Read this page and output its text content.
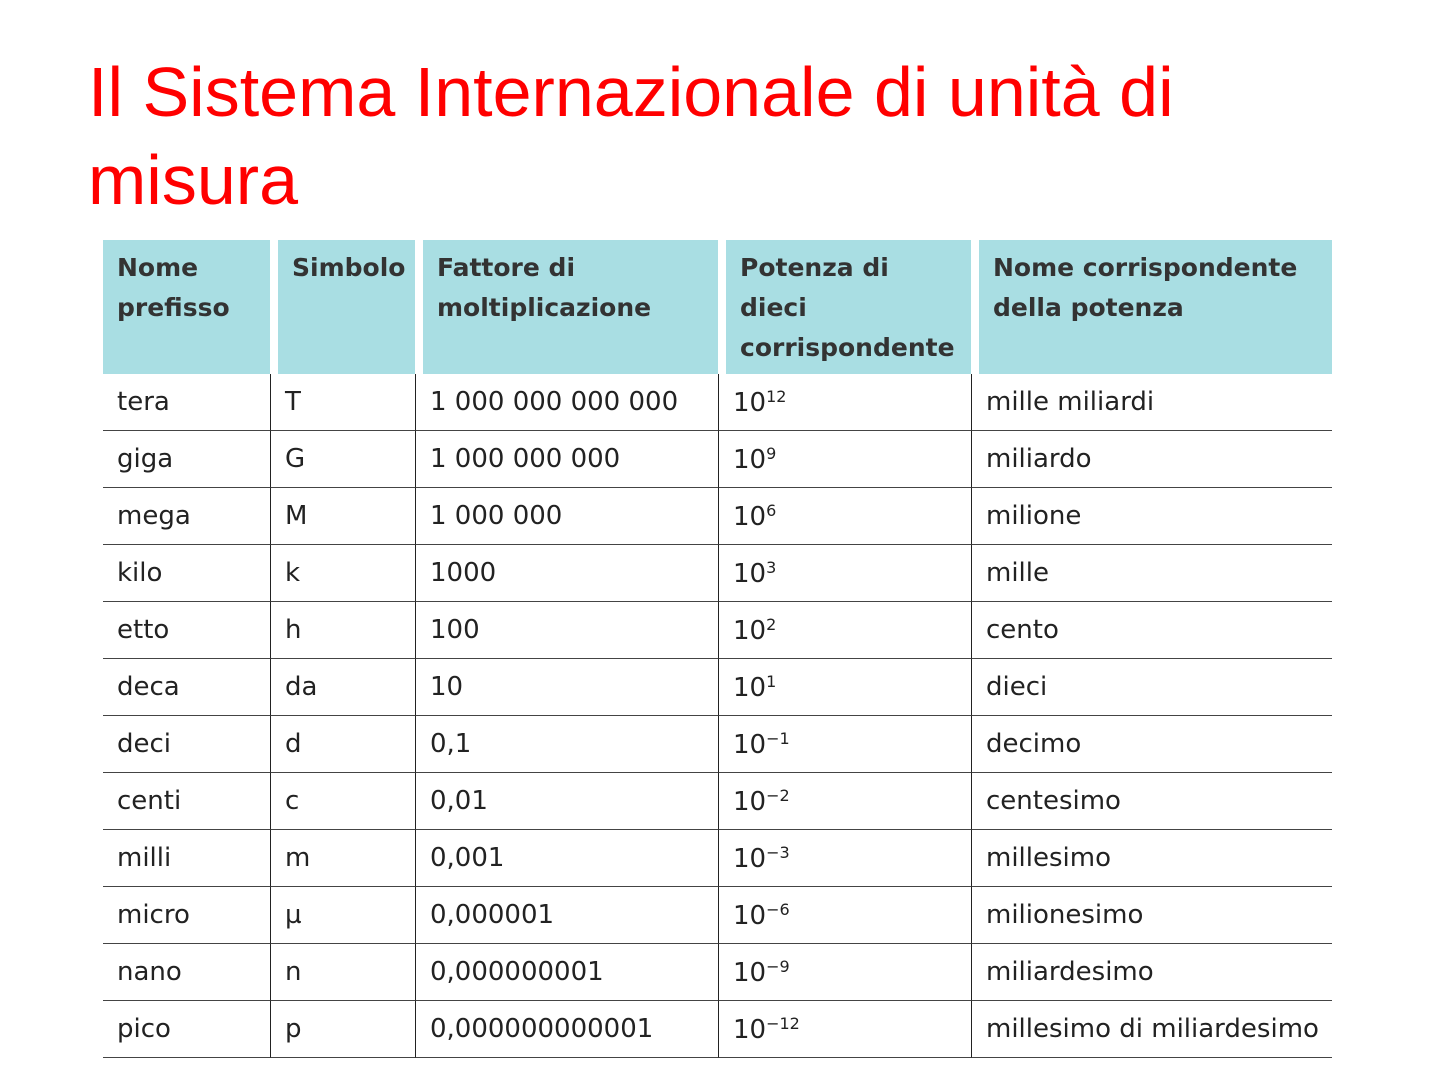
Il Sistema Internazionale di unità di misura
Nome prefisso	Simbolo	Fattore di moltiplicazione	Potenza di dieci corrispondente	Nome corrispondente della potenza
tera	T	1 000 000 000 000	$10^{12}$	mille miliardi
giga	G	1 000 000 000	$10^9$	miliardo
mega	M	1 000 000	$10^6$	milione
kilo	k	1000	$10^3$	mille
etto	h	100	$10^2$	cento
deca	da	10	$10^1$	dieci
deci	d	0,1	$10^{-1}$	decimo
centi	c	0,01	$10^{-2}$	centesimo
milli	m	0,001	$10^{-3}$	millesimo
micro	µ	0,000001	$10^{-6}$	milionesimo
nano	n	0,000000001	$10^{-9}$	miliardesimo
pico	p	0,000000000001	$10^{-12}$	millesimo di miliardesimo
